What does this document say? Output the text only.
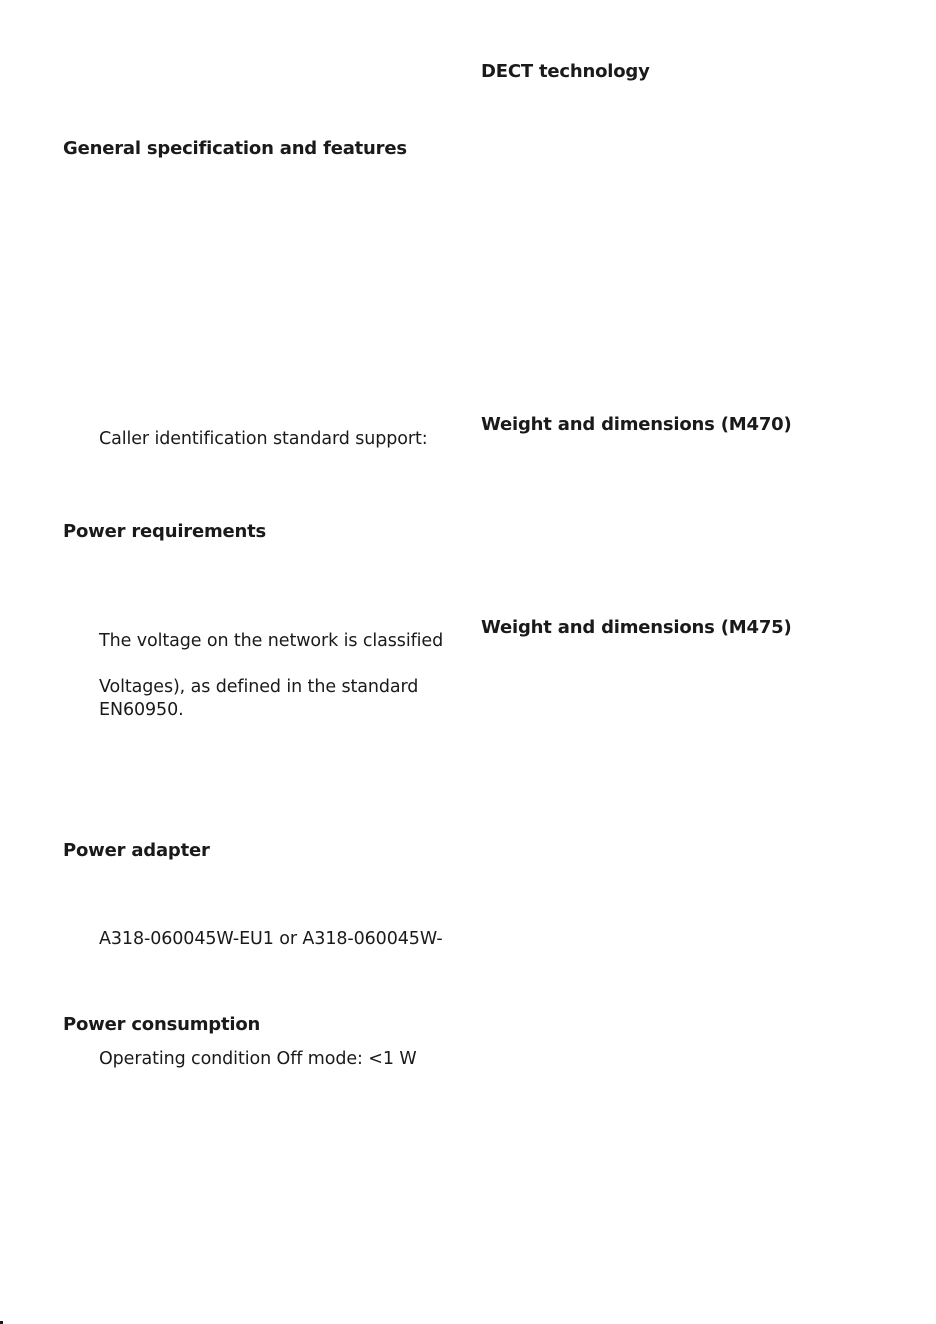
General specification and features
Caller identification standard support:
Power requirements
The voltage on the network is classified
Voltages), as defined in the standard
EN60950.
Power adapter
A318-060045W-EU1 or A318-060045W-
Power consumption
Operating condition Off mode: <1 W
DECT technology
Weight and dimensions (M470)
Weight and dimensions (M475)
